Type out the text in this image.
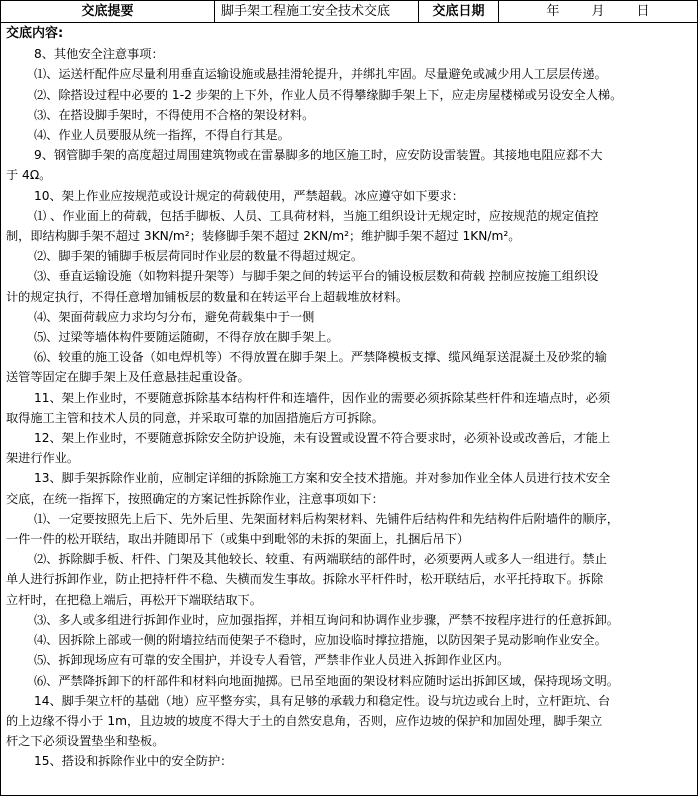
交底提要	脚手架工程施工安全技术交底	交底日期	年 月 日

交底内容:

8、其他安全注意事项：

⑴、运送杆配件应尽量利用垂直运输设施或悬挂滑轮提升，并绑扎牢固。尽量避免或减少用人工层层传递。

⑵、除搭设过程中必要的 1-2 步架的上下外，作业人员不得攀缘脚手架上下，应走房屋楼梯或另设安全人梯。

⑶、在搭设脚手架时，不得使用不合格的架设材料。

⑷、作业人员要服从统一指挥，不得自行其是。

9、钢管脚手架的高度超过周围建筑物或在雷暴脚多的地区施工时，应安防设雷装置。其接地电阻应郄不大

于 4Ω。

10、架上作业应按规范或设计规定的荷载使用，严禁超载。冰应遵守如下要求：

⑴ 、作业面上的荷载，包括手脚板、人员、工具荷材料，当施工组织设计无规定时，应按规范的规定值控

制，即结构脚手架不超过 3KN/m²；装修脚手架不超过 2KN/m²；维护脚手架不超过 1KN/m²。

⑵、脚手架的铺脚手板层荷同时作业层的数量不得超过规定。

⑶、垂直运输设施（如物料提升架等）与脚手架之间的转运平台的铺设板层数和荷载 控制应按施工组织设

计的规定执行，不得任意增加铺板层的数量和在转运平台上超载堆放材料。

⑷、架面荷载应力求均匀分布，避免荷载集中于一侧

⑸、过梁等墙体构件要随运随砌，不得存放在脚手架上。

⑹、较重的施工设备（如电焊机等）不得放置在脚手架上。严禁降模板支撑、缆风绳泵送混凝土及砂浆的输

送管等固定在脚手架上及任意悬挂起重设备。

11、架上作业时，不要随意拆除基本结构杆件和连墙件，因作业的需要必须拆除某些杆件和连墙点时，必须

取得施工主管和技术人员的同意，并采取可靠的加固措施后方可拆除。

12、架上作业时，不要随意拆除安全防护设施，未有设置或设置不符合要求时，必须补设或改善后，才能上

架进行作业。

13、脚手架拆除作业前，应制定详细的拆除施工方案和安全技术措施。并对参加作业全体人员进行技术安全

交底，在统一指挥下，按照确定的方案记性拆除作业，注意事项如下：

⑴、一定要按照先上后下、先外后里、先架面材料后构架材料、先铺件后结构件和先结构件后附墙件的顺序，

一件一件的松开联结，取出并随即吊下（或集中到毗邻的未拆的架面上，扎捆后吊下）

⑵、拆除脚手板、杆件、门架及其他较长、较重、有两端联结的部件时，必须要两人或多人一组进行。禁止

单人进行拆卸作业，防止把持杆件不稳、失横而发生事故。拆除水平杆件时，松开联结后，水平托持取下。拆除

立杆时，在把稳上端后，再松开下端联结取下。

⑶、多人或多组进行拆卸作业时，应加强指挥，并相互询问和协调作业步骤，严禁不按程序进行的任意拆卸。

⑷、因拆除上部或一侧的附墙拉结而使架子不稳时，应加设临时撑拉措施，以防因架子晃动影响作业安全。

⑸、拆卸现场应有可靠的安全围护，并设专人看管，严禁非作业人员进入拆卸作业区内。

⑹、严禁降拆卸下的杆部件和材料向地面抛掷。已吊至地面的架设材料应随时运出拆卸区域，保持现场文明。

14、脚手架立杆的基础（地）应平整夯实，具有足够的承载力和稳定性。设与坑边或台上时，立杆距坑、台

的上边缘不得小于 1m，且边坡的坡度不得大于土的自然安息角，否则，应作边坡的保护和加固处理，脚手架立

杆之下必须设置垫坐和垫板。

15、搭设和拆除作业中的安全防护：
